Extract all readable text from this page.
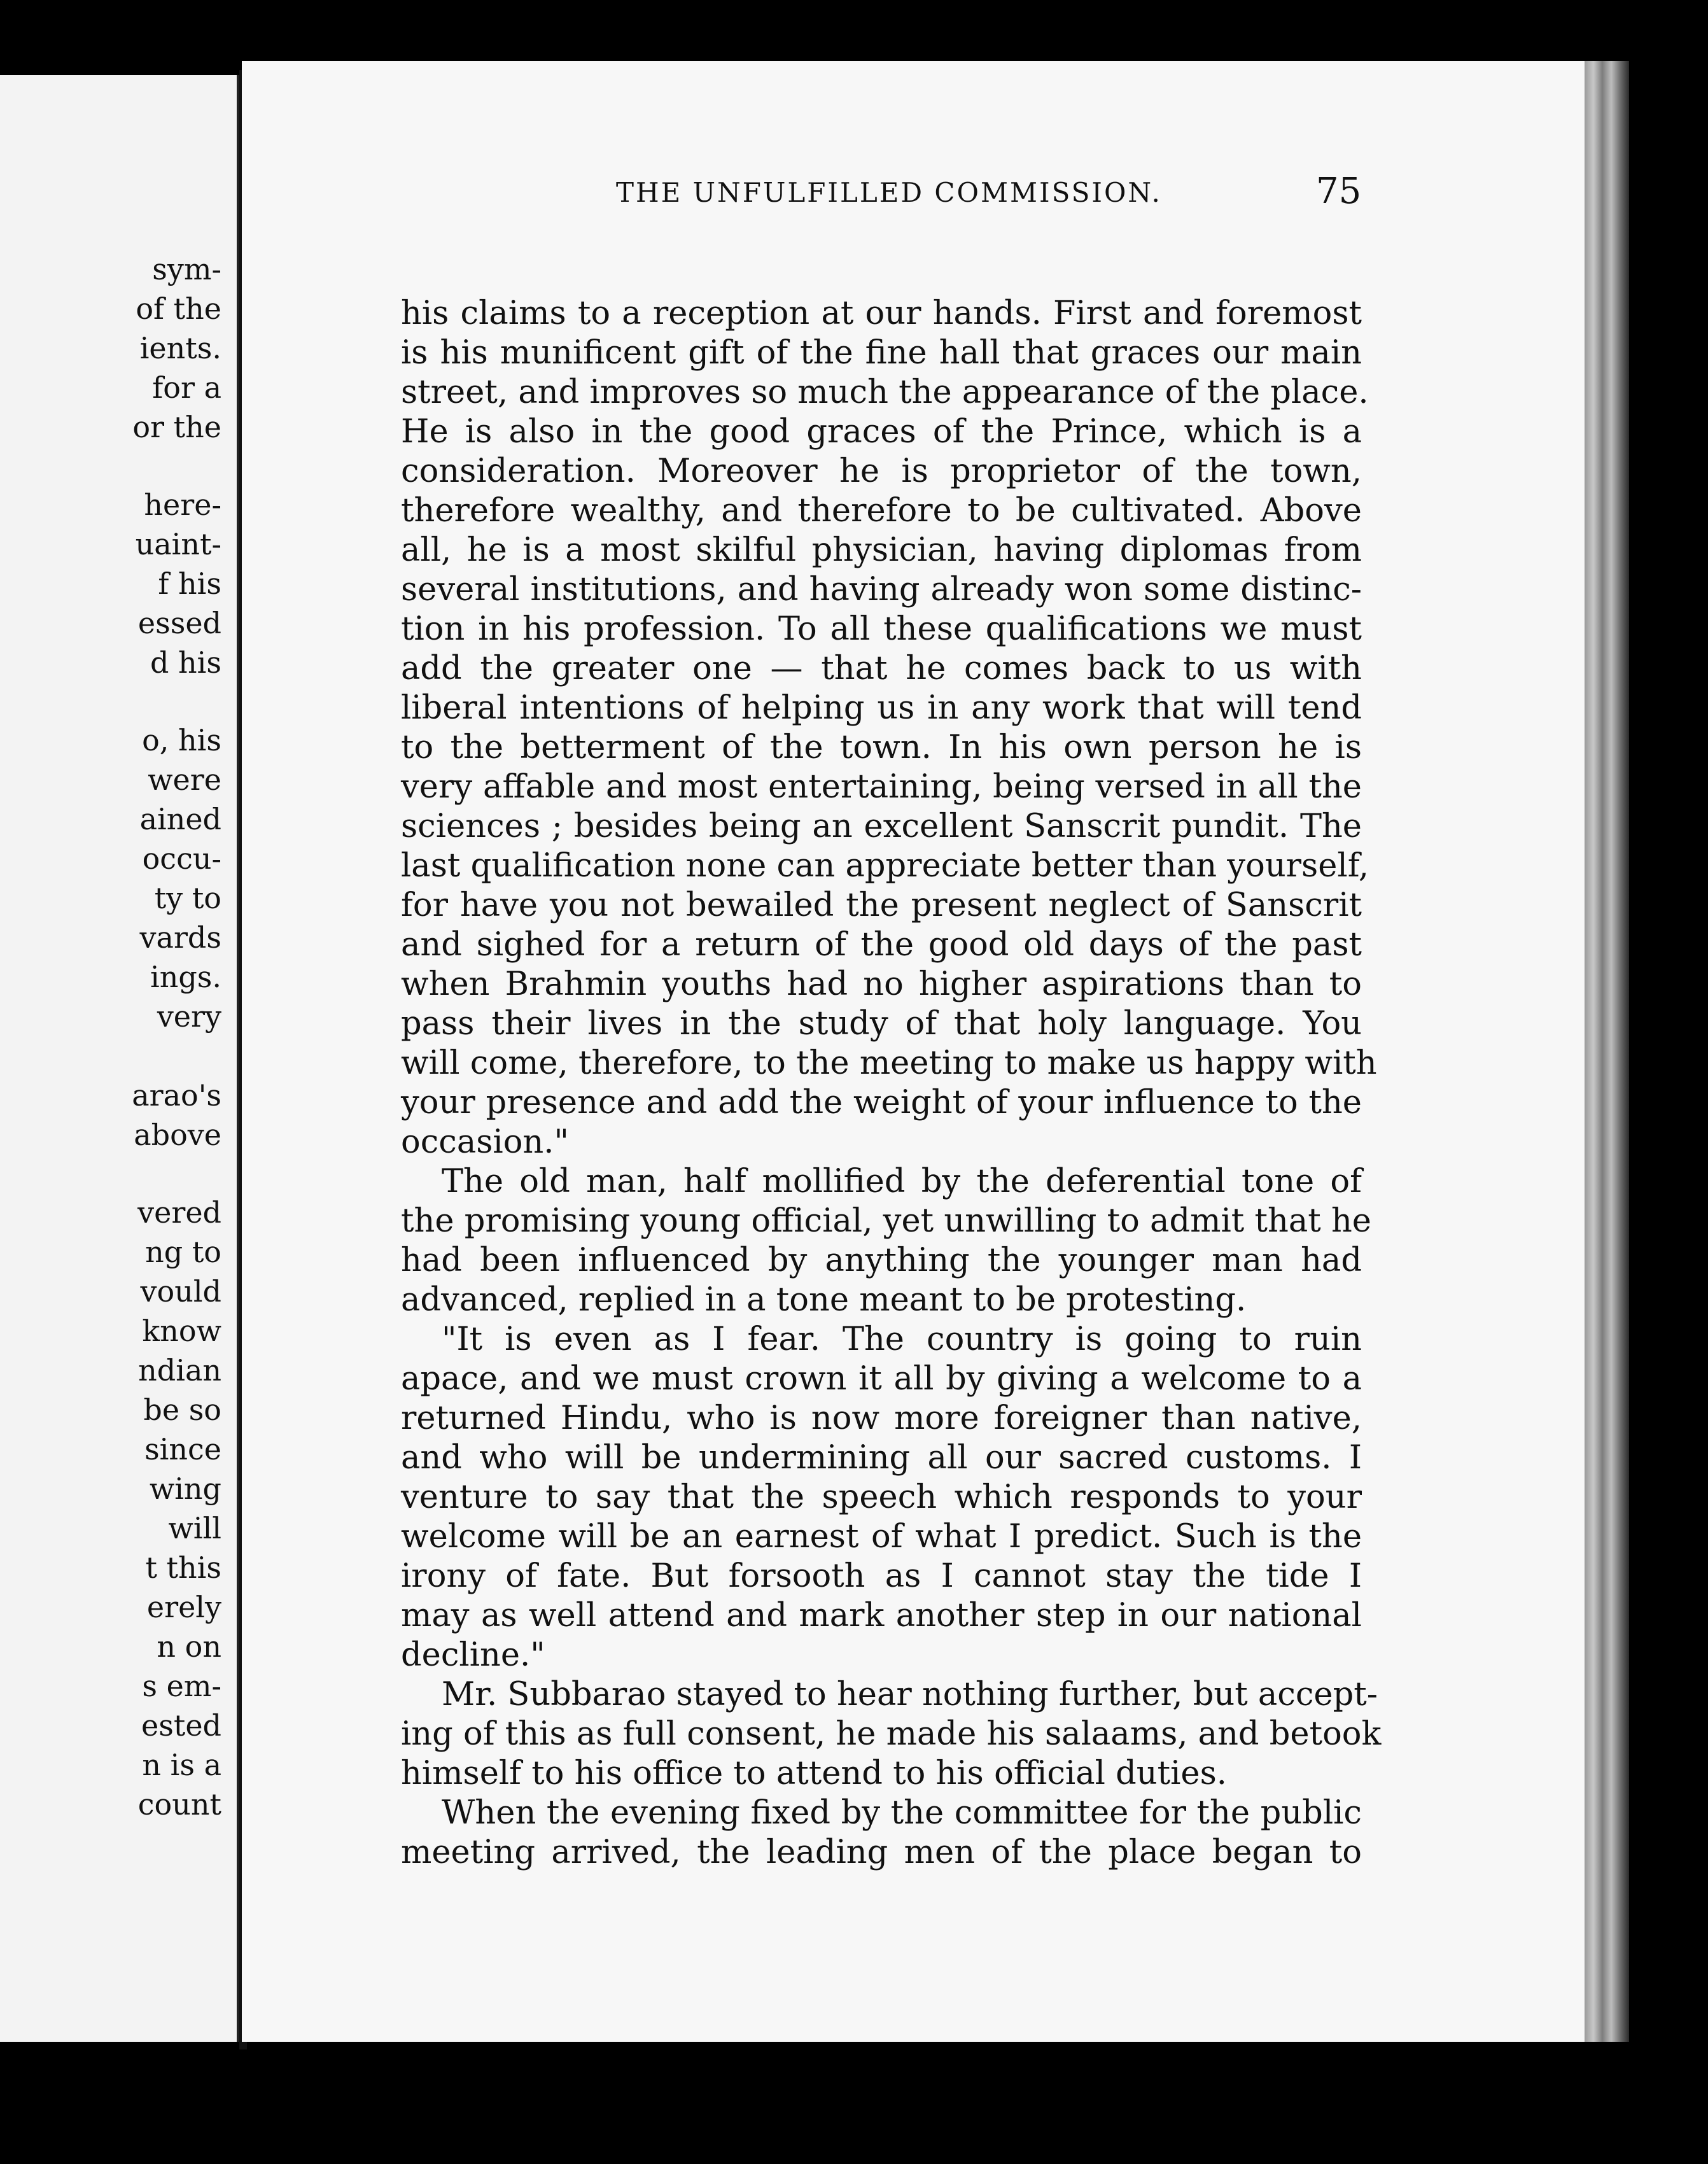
sym-
of the
ients.
for a
or the
here-
uaint-
f his
essed
d his
o, his
were
ained
occu-
ty to
vards
ings.
very
arao's
above
vered
ng to
vould
know
ndian
be so
since
wing
will
t this
erely
n on
s em-
ested
n is a
count
THE UNFULFILLED COMMISSION.	75
his claims to a reception at our hands. First and foremost
is his munificent gift of the fine hall that graces our main
street, and improves so much the appearance of the place.
He is also in the good graces of the Prince, which is a
consideration. Moreover he is proprietor of the town,
therefore wealthy, and therefore to be cultivated. Above
all, he is a most skilful physician, having diplomas from
several institutions, and having already won some distinc-
tion in his profession. To all these qualifications we must
add the greater one — that he comes back to us with
liberal intentions of helping us in any work that will tend
to the betterment of the town. In his own person he is
very affable and most entertaining, being versed in all the
sciences ; besides being an excellent Sanscrit pundit. The
last qualification none can appreciate better than yourself,
for have you not bewailed the present neglect of Sanscrit
and sighed for a return of the good old days of the past
when Brahmin youths had no higher aspirations than to
pass their lives in the study of that holy language. You
will come, therefore, to the meeting to make us happy with
your presence and add the weight of your influence to the
occasion."
The old man, half mollified by the deferential tone of
the promising young official, yet unwilling to admit that he
had been influenced by anything the younger man had
advanced, replied in a tone meant to be protesting.
"It is even as I fear. The country is going to ruin
apace, and we must crown it all by giving a welcome to a
returned Hindu, who is now more foreigner than native,
and who will be undermining all our sacred customs. I
venture to say that the speech which responds to your
welcome will be an earnest of what I predict. Such is the
irony of fate. But forsooth as I cannot stay the tide I
may as well attend and mark another step in our national
decline."
Mr. Subbarao stayed to hear nothing further, but accept-
ing of this as full consent, he made his salaams, and betook
himself to his office to attend to his official duties.
When the evening fixed by the committee for the public
meeting arrived, the leading men of the place began to
